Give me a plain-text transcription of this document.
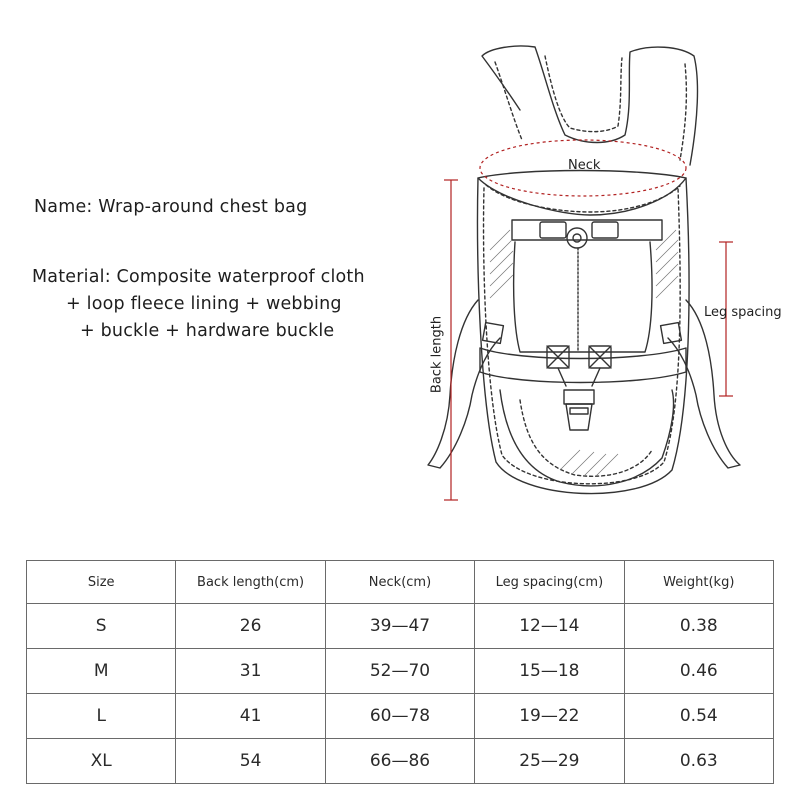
Name: Wrap-around chest bag
Material: Composite waterproof cloth
+ loop fleece lining + webbing
+ buckle + hardware buckle
Neck
Leg spacing
Back length
Size	Back length(cm)	Neck(cm)	Leg spacing(cm)	Weight(kg)
S	26	39—47	12—14	0.38
M	31	52—70	15—18	0.46
L	41	60—78	19—22	0.54
XL	54	66—86	25—29	0.63
